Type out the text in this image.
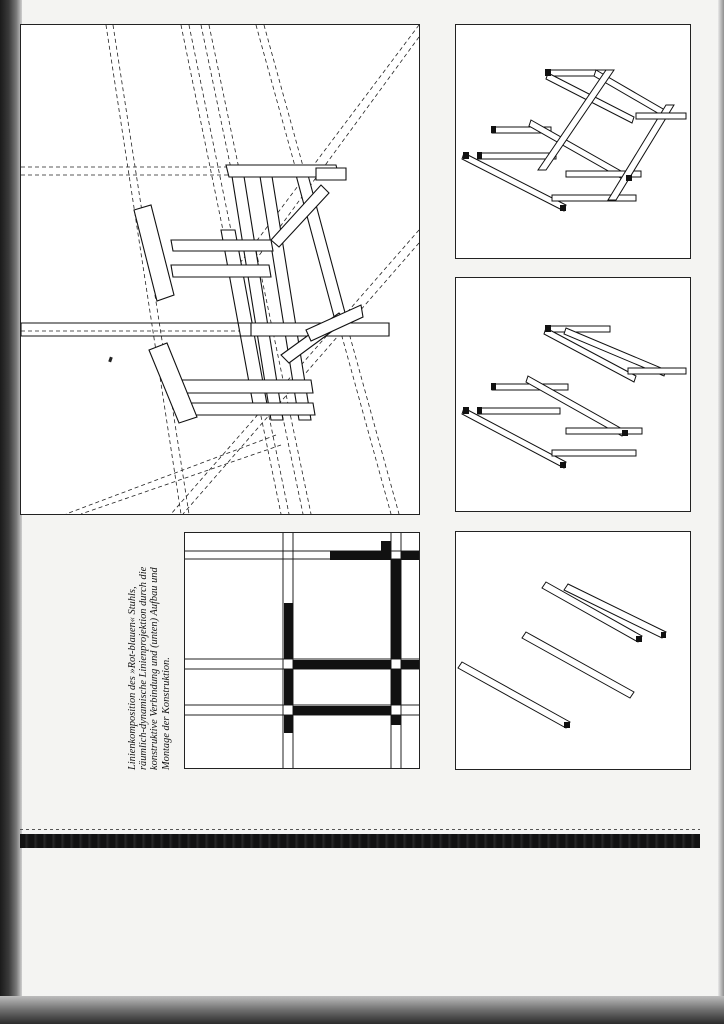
Linienkomposition des »Rot-blauen« Stuhls, räumlich-dynamische Linienprojektion durch die konstruktive Verbindung und (unten) Aufbau und Montage der Konstruktion.
